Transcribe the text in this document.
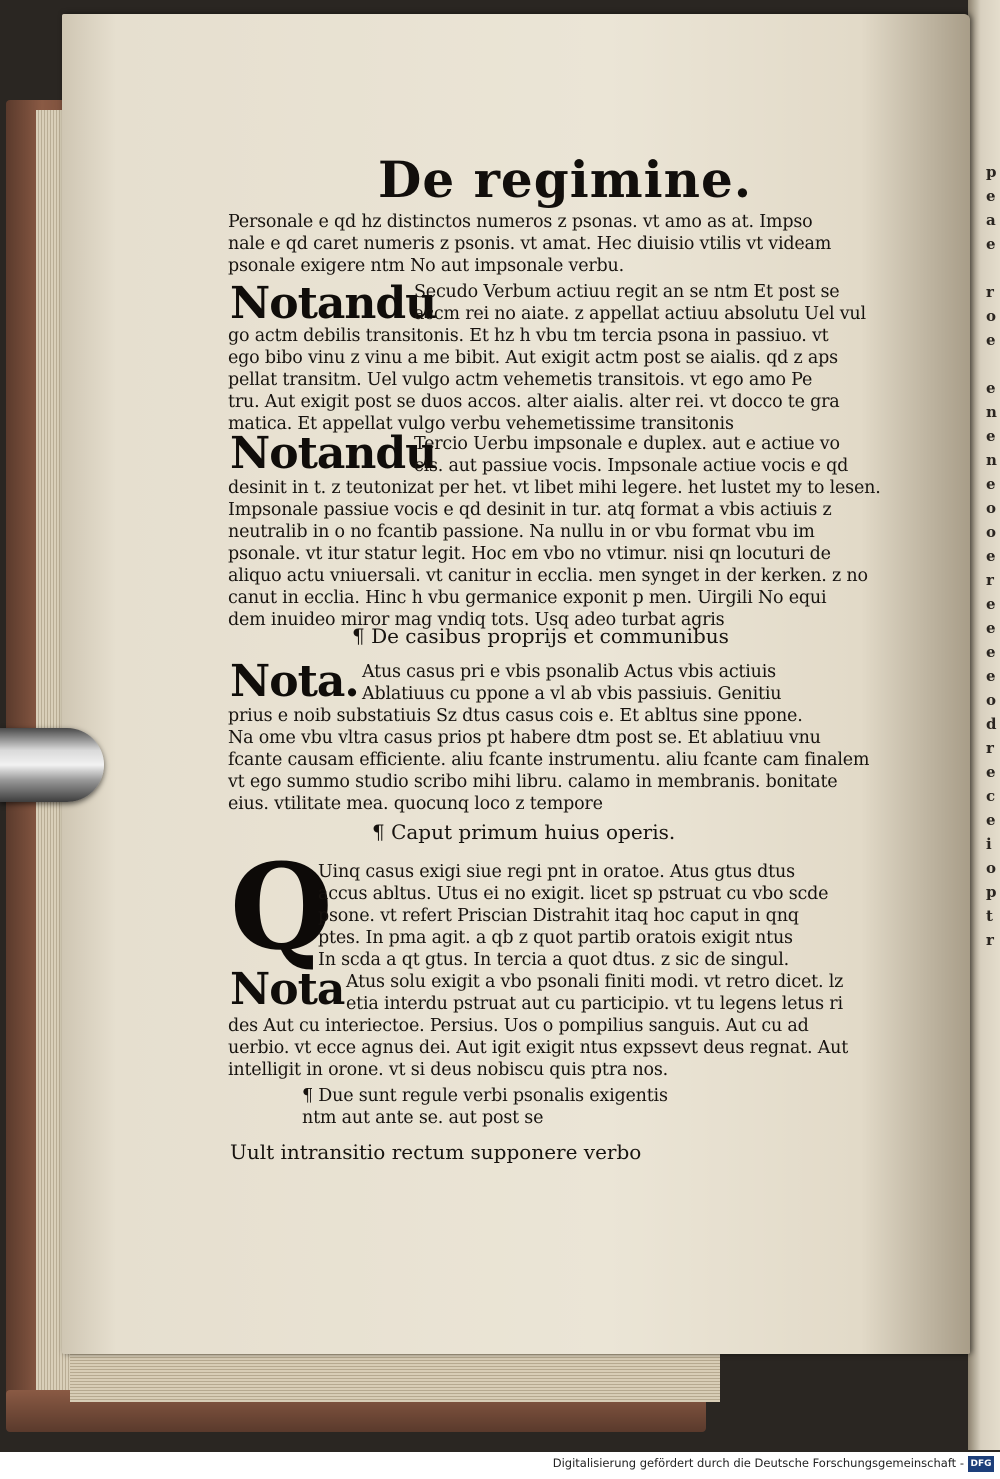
p
e
a
e

r
o
e

e
n
e
n
e
o
o
e
r
e
e
e
e
o
d
r
e
c
e
i
o
p
t
r
De regimine.
Personale e qd hz distinctos numeros z psonas. vt amo as at. Impso
nale e qd caret numeris z psonis. vt amat. Hec diuisio vtilis vt videam
psonale exigere ntm No aut impsonale verbu.
Notandu
Secudo Verbum actiuu regit an se ntm Et post se
accm rei no aiate. z appellat actiuu absolutu Uel vul
go actm debilis transitonis. Et hz h vbu tm tercia psona in passiuo. vt
ego bibo vinu z vinu a me bibit. Aut exigit actm post se aialis. qd z aps
pellat transitm. Uel vulgo actm vehemetis transitois. vt ego amo Pe
tru. Aut exigit post se duos accos. alter aialis. alter rei. vt docco te gra
matica. Et appellat vulgo verbu vehemetissime transitonis
Notandu
Tercio Uerbu impsonale e duplex. aut e actiue vo
cis. aut passiue vocis. Impsonale actiue vocis e qd
desinit in t. z teutonizat per het. vt libet mihi legere. het lustet my to lesen.
Impsonale passiue vocis e qd desinit in tur. atq format a vbis actiuis z
neutralib in o no fcantib passione. Na nullu in or vbu format vbu im
psonale. vt itur statur legit. Hoc em vbo no vtimur. nisi qn locuturi de
aliquo actu vniuersali. vt canitur in ecclia. men synget in der kerken. z no
canut in ecclia. Hinc h vbu germanice exponit p men. Uirgili No equi
dem inuideo miror mag vndiq tots. Usq adeo turbat agris
¶ De casibus proprijs et communibus
Nota. Atus casus pri e vbis psonalib Actus vbis actiuis
Ablatiuus cu ppone a vl ab vbis passiuis. Genitiu
prius e noib substatiuis Sz dtus casus cois e. Et abltus sine ppone.
Na ome vbu vltra casus prios pt habere dtm post se. Et ablatiuu vnu
fcante causam efficiente. aliu fcante instrumentu. aliu fcante cam finalem
vt ego summo studio scribo mihi libru. calamo in membranis. bonitate
eius. vtilitate mea. quocunq loco z tempore
¶ Caput primum huius operis.
Q
Uinq casus exigi siue regi pnt in oratoe. Atus gtus dtus
accus abltus. Utus ei no exigit. licet sp pstruat cu vbo scde
psone. vt refert Priscian Distrahit itaq hoc caput in qnq
ptes. In pma agit. a qb z quot partib oratois exigit ntus
In scda a qt gtus. In tercia a quot dtus. z sic de singul.
Nota Atus solu exigit a vbo psonali finiti modi. vt retro dicet. lz
etia interdu pstruat aut cu participio. vt tu legens letus ri
des Aut cu interiectoe. Persius. Uos o pompilius sanguis. Aut cu ad
uerbio. vt ecce agnus dei. Aut igit exigit ntus expssevt deus regnat. Aut
intelligit in orone. vt si deus nobiscu quis ptra nos.
¶ Due sunt regule verbi psonalis exigentis
ntm aut ante se. aut post se
Uult intransitio rectum supponere verbo
Digitalisierung gefördert durch die Deutsche Forschungsgemeinschaft - DFG
